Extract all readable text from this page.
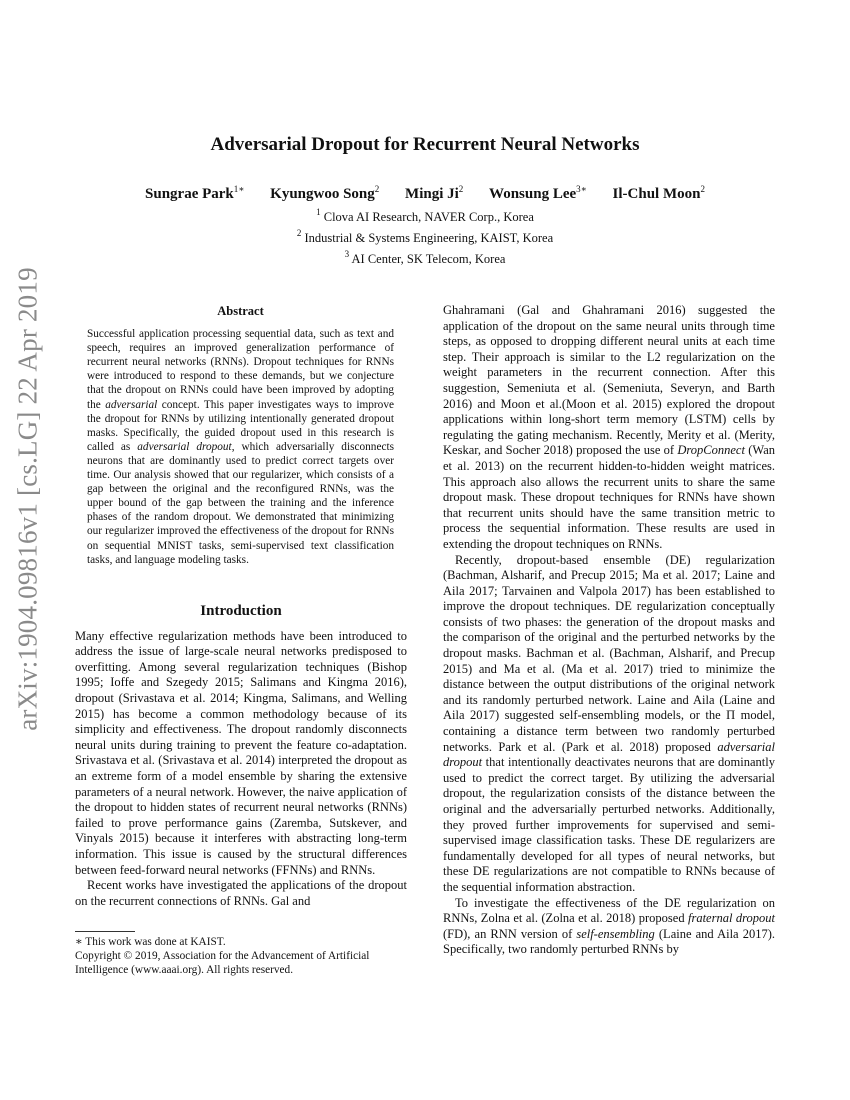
arXiv:1904.09816v1 [cs.LG] 22 Apr 2019
Adversarial Dropout for Recurrent Neural Networks
Sungrae Park$^{1∗}$ Kyungwoo Song$^2$ Mingi Ji$^2$ Wonsung Lee$^{3∗}$ Il-Chul Moon$^2$
$^1$ Clova AI Research, NAVER Corp., Korea
$^2$ Industrial & Systems Engineering, KAIST, Korea
$^3$ AI Center, SK Telecom, Korea
Abstract

Successful application processing sequential data, such as text and speech, requires an improved generalization performance of recurrent neural networks (RNNs). Dropout techniques for RNNs were introduced to respond to these demands, but we conjecture that the dropout on RNNs could have been improved by adopting the adversarial concept. This paper investigates ways to improve the dropout for RNNs by utilizing intentionally generated dropout masks. Specifically, the guided dropout used in this research is called as adversarial dropout, which adversarially disconnects neurons that are dominantly used to predict correct targets over time. Our analysis showed that our regularizer, which consists of a gap between the original and the reconfigured RNNs, was the upper bound of the gap between the training and the inference phases of the random dropout. We demonstrated that minimizing our regularizer improved the effectiveness of the dropout for RNNs on sequential MNIST tasks, semi-supervised text classification tasks, and language modeling tasks.

Introduction

Many effective regularization methods have been introduced to address the issue of large-scale neural networks predisposed to overfitting. Among several regularization techniques (Bishop 1995; Ioffe and Szegedy 2015; Salimans and Kingma 2016), dropout (Srivastava et al. 2014; Kingma, Salimans, and Welling 2015) has become a common methodology because of its simplicity and effectiveness. The dropout randomly disconnects neural units during training to prevent the feature co-adaptation. Srivastava et al. (Srivastava et al. 2014) interpreted the dropout as an extreme form of a model ensemble by sharing the extensive parameters of a neural network. However, the naive application of the dropout to hidden states of recurrent neural networks (RNNs) failed to prove performance gains (Zaremba, Sutskever, and Vinyals 2015) because it interferes with abstracting long-term information. This issue is caused by the structural differences between feed-forward neural networks (FFNNs) and RNNs.

Recent works have investigated the applications of the dropout on the recurrent connections of RNNs. Gal and

∗ This work was done at KAIST.

Copyright © 2019, Association for the Advancement of Artificial Intelligence (www.aaai.org). All rights reserved.

Ghahramani (Gal and Ghahramani 2016) suggested the application of the dropout on the same neural units through time steps, as opposed to dropping different neural units at each time step. Their approach is similar to the L2 regularization on the weight parameters in the recurrent connection. After this suggestion, Semeniuta et al. (Semeniuta, Severyn, and Barth 2016) and Moon et al.(Moon et al. 2015) explored the dropout applications within long-short term memory (LSTM) cells by regulating the gating mechanism. Recently, Merity et al. (Merity, Keskar, and Socher 2018) proposed the use of DropConnect (Wan et al. 2013) on the recurrent hidden-to-hidden weight matrices. This approach also allows the recurrent units to share the same dropout mask. These dropout techniques for RNNs have shown that recurrent units should have the same transition metric to process the sequential information. These results are used in extending the dropout techniques on RNNs.

Recently, dropout-based ensemble (DE) regularization (Bachman, Alsharif, and Precup 2015; Ma et al. 2017; Laine and Aila 2017; Tarvainen and Valpola 2017) has been established to improve the dropout techniques. DE regularization conceptually consists of two phases: the generation of the dropout masks and the comparison of the original and the perturbed networks by the dropout masks. Bachman et al. (Bachman, Alsharif, and Precup 2015) and Ma et al. (Ma et al. 2017) tried to minimize the distance between the output distributions of the original network and its randomly perturbed network. Laine and Aila (Laine and Aila 2017) suggested self-ensembling models, or the Π model, containing a distance term between two randomly perturbed networks. Park et al. (Park et al. 2018) proposed adversarial dropout that intentionally deactivates neurons that are dominantly used to predict the correct target. By utilizing the adversarial dropout, the regularization consists of the distance between the original and the adversarially perturbed networks. Additionally, they proved further improvements for supervised and semi-supervised image classification tasks. These DE regularizers are fundamentally developed for all types of neural networks, but these DE regularizations are not compatible to RNNs because of the sequential information abstraction.

To investigate the effectiveness of the DE regularization on RNNs, Zolna et al. (Zolna et al. 2018) proposed fraternal dropout (FD), an RNN version of self-ensembling (Laine and Aila 2017). Specifically, two randomly perturbed RNNs by
